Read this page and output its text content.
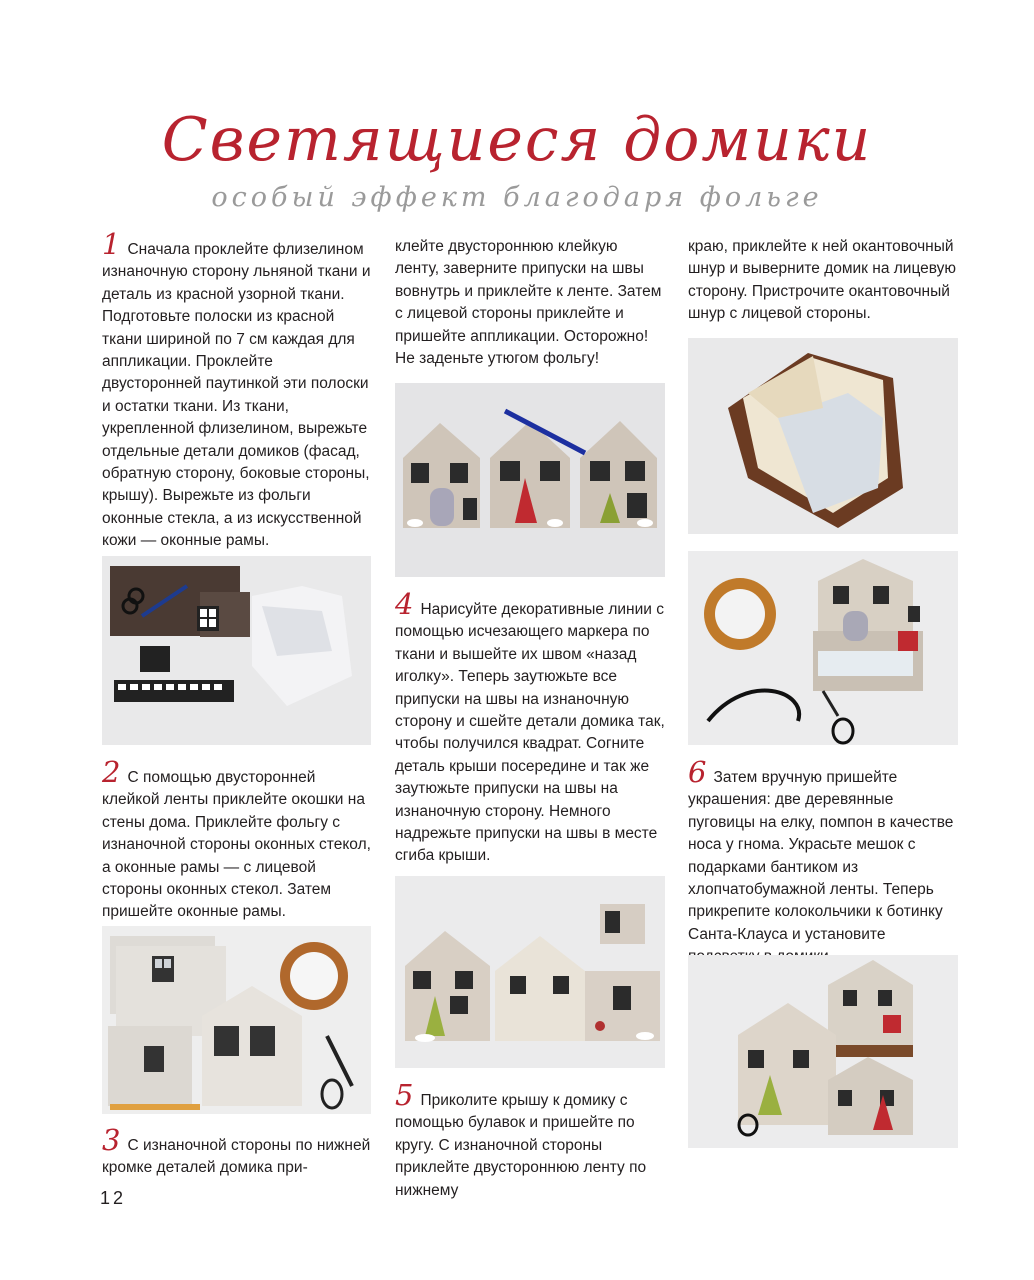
Светящиеся домики
особый эффект благодаря фольге

1 Сначала проклейте флизелином изнаночную сторону льняной ткани и деталь из красной узорной ткани. Подготовьте полоски из красной ткани шириной по 7 см каждая для аппликации. Проклейте двусторонней паутинкой эти полоски и остатки ткани. Из ткани, укрепленной флизелином, вырежьте отдельные детали домиков (фасад, обратную сторону, боковые стороны, крышу). Вырежьте из фольги оконные стекла, а из искусственной кожи — оконные рамы.

2 С помощью двусторонней клейкой ленты приклейте окошки на стены дома. Приклейте фольгу с изнаночной стороны оконных стекол, а оконные рамы — с лицевой стороны оконных стекол. Затем пришейте оконные рамы.

3 С изнаночной стороны по нижней кромке деталей домика при-

клейте двустороннюю клейкую ленту, заверните припуски на швы вовнутрь и приклейте к ленте. Затем с лицевой стороны приклейте и пришейте аппликации. Осторожно! Не заденьте утюгом фольгу!

4 Нарисуйте декоративные линии с помощью исчезающего маркера по ткани и вышейте их швом «назад иголку». Теперь заутюжьте все припуски на швы на изнаночную сторону и сшейте детали домика так, чтобы получился квадрат. Согните деталь крыши посередине и так же заутюжьте припуски на швы на изнаночную сторону. Немного надрежьте припуски на швы в месте сгиба крыши.

5 Приколите крышу к домику с помощью булавок и пришейте по кругу. С изнаночной стороны приклейте двустороннюю ленту по нижнему

краю, приклейте к ней окантовочный шнур и выверните домик на лицевую сторону. Пристрочите окантовочный шнур с лицевой стороны.

6 Затем вручную пришейте украшения: две деревянные пуговицы на елку, помпон в качестве носа у гнома. Украсьте мешок с подарками бантиком из хлопчатобумажной ленты. Теперь прикрепите колокольчики к ботинку Санта-Клауса и установите

12
